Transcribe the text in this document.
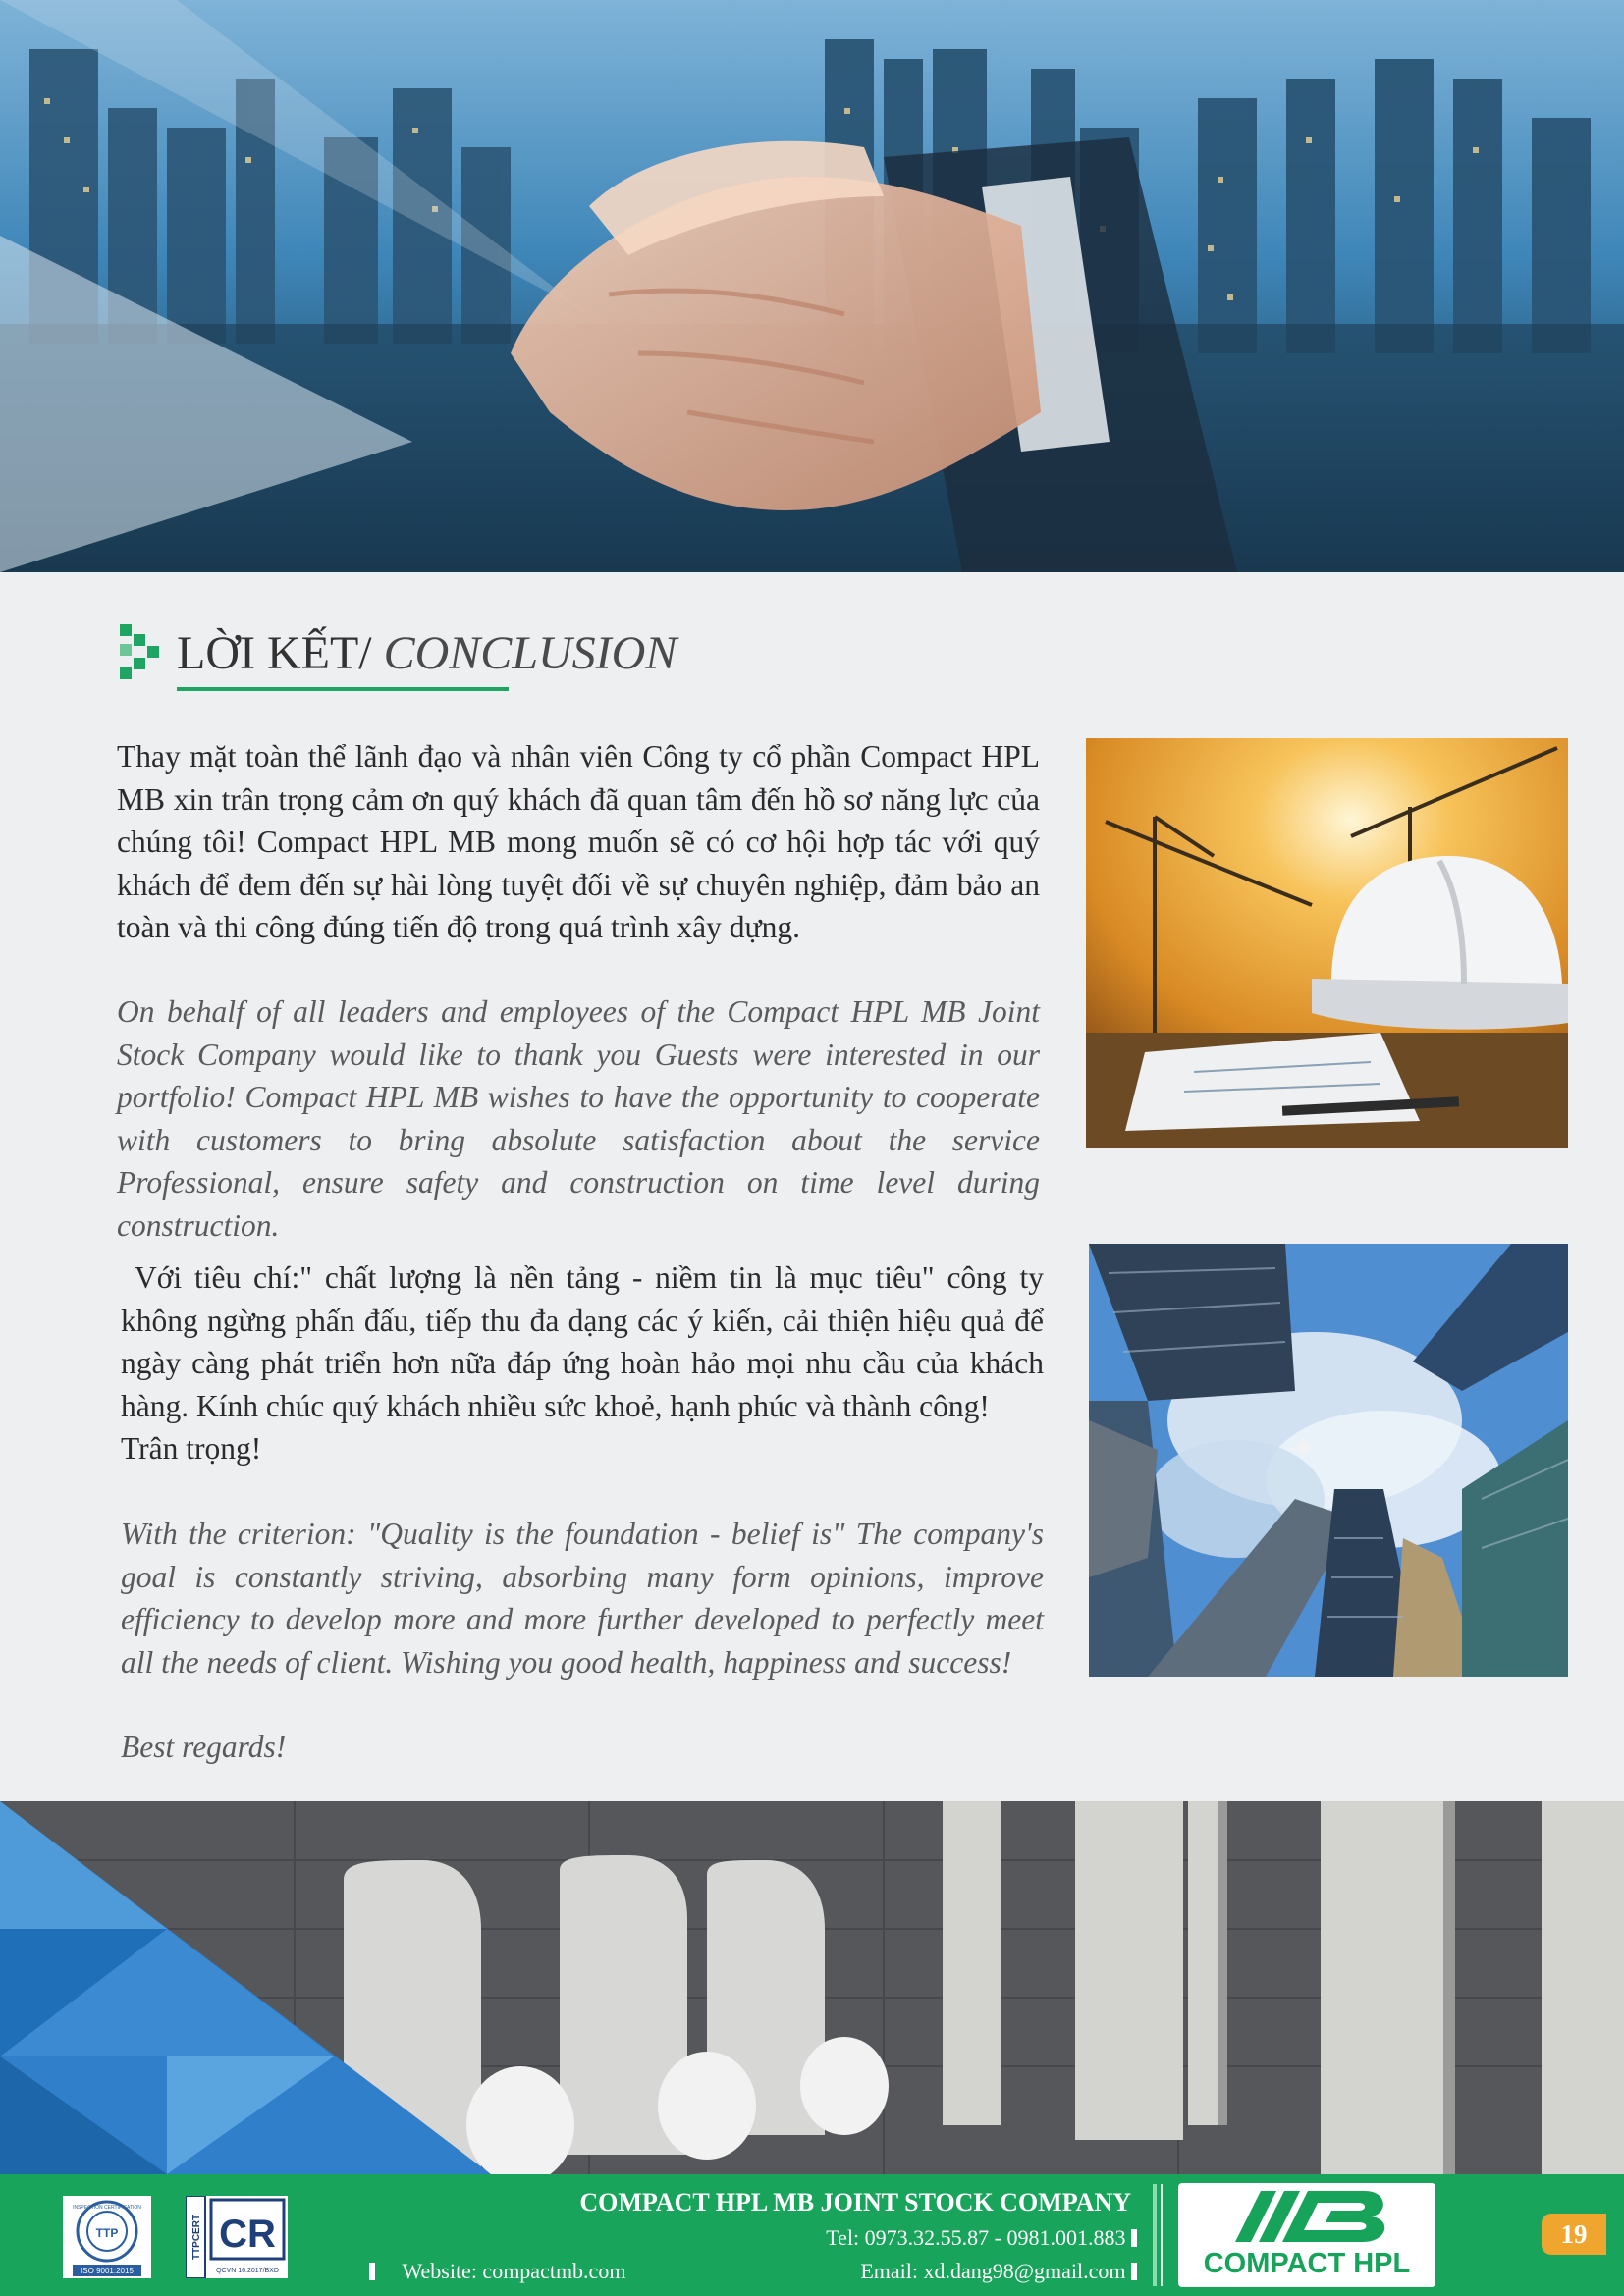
LỜI KẾT/ CONCLUSION

Thay mặt toàn thể lãnh đạo và nhân viên Công ty cổ phần Compact HPL MB xin trân trọng cảm ơn quý khách đã quan tâm đến hồ sơ năng lực của chúng tôi! Compact HPL MB mong muốn sẽ có cơ hội hợp tác với quý khách để đem đến sự hài lòng tuyệt đối về sự chuyên nghiệp, đảm bảo an toàn và thi công đúng tiến độ trong quá trình xây dựng.

On behalf of all leaders and employees of the Compact HPL MB Joint Stock Company would like to thank you Guests were interested in our portfolio! Compact HPL MB wishes to have the opportunity to cooperate with customers to bring absolute satisfaction about the service Professional, ensure safety and construction on time level during construction.

Với tiêu chí:" chất lượng là nền tảng - niềm tin là mục tiêu" công ty không ngừng phấn đấu, tiếp thu đa dạng các ý kiến, cải thiện hiệu quả để ngày càng phát triển hơn nữa đáp ứng hoàn hảo mọi nhu cầu của khách hàng. Kính chúc quý khách nhiều sức khoẻ, hạnh phúc và thành công!

Trân trọng!

With the criterion: "Quality is the foundation - belief is" The company's goal is constantly striving, absorbing many form opinions, improve efficiency to develop more and more further developed to perfectly meet all the needs of client. Wishing you good health, happiness and success!

Best regards!

TTP
INSPECTION CERTIFICATION
ISO 9001:2015
TTPCERT CR
QCVN 16:2017/BXD
COMPACT HPL MB JOINT STOCK COMPANY
Tel: 0973.32.55.87 - 0981.001.883
Email: xd.dang98@gmail.com
Website: compactmb.com	COMPACT HPL
19
